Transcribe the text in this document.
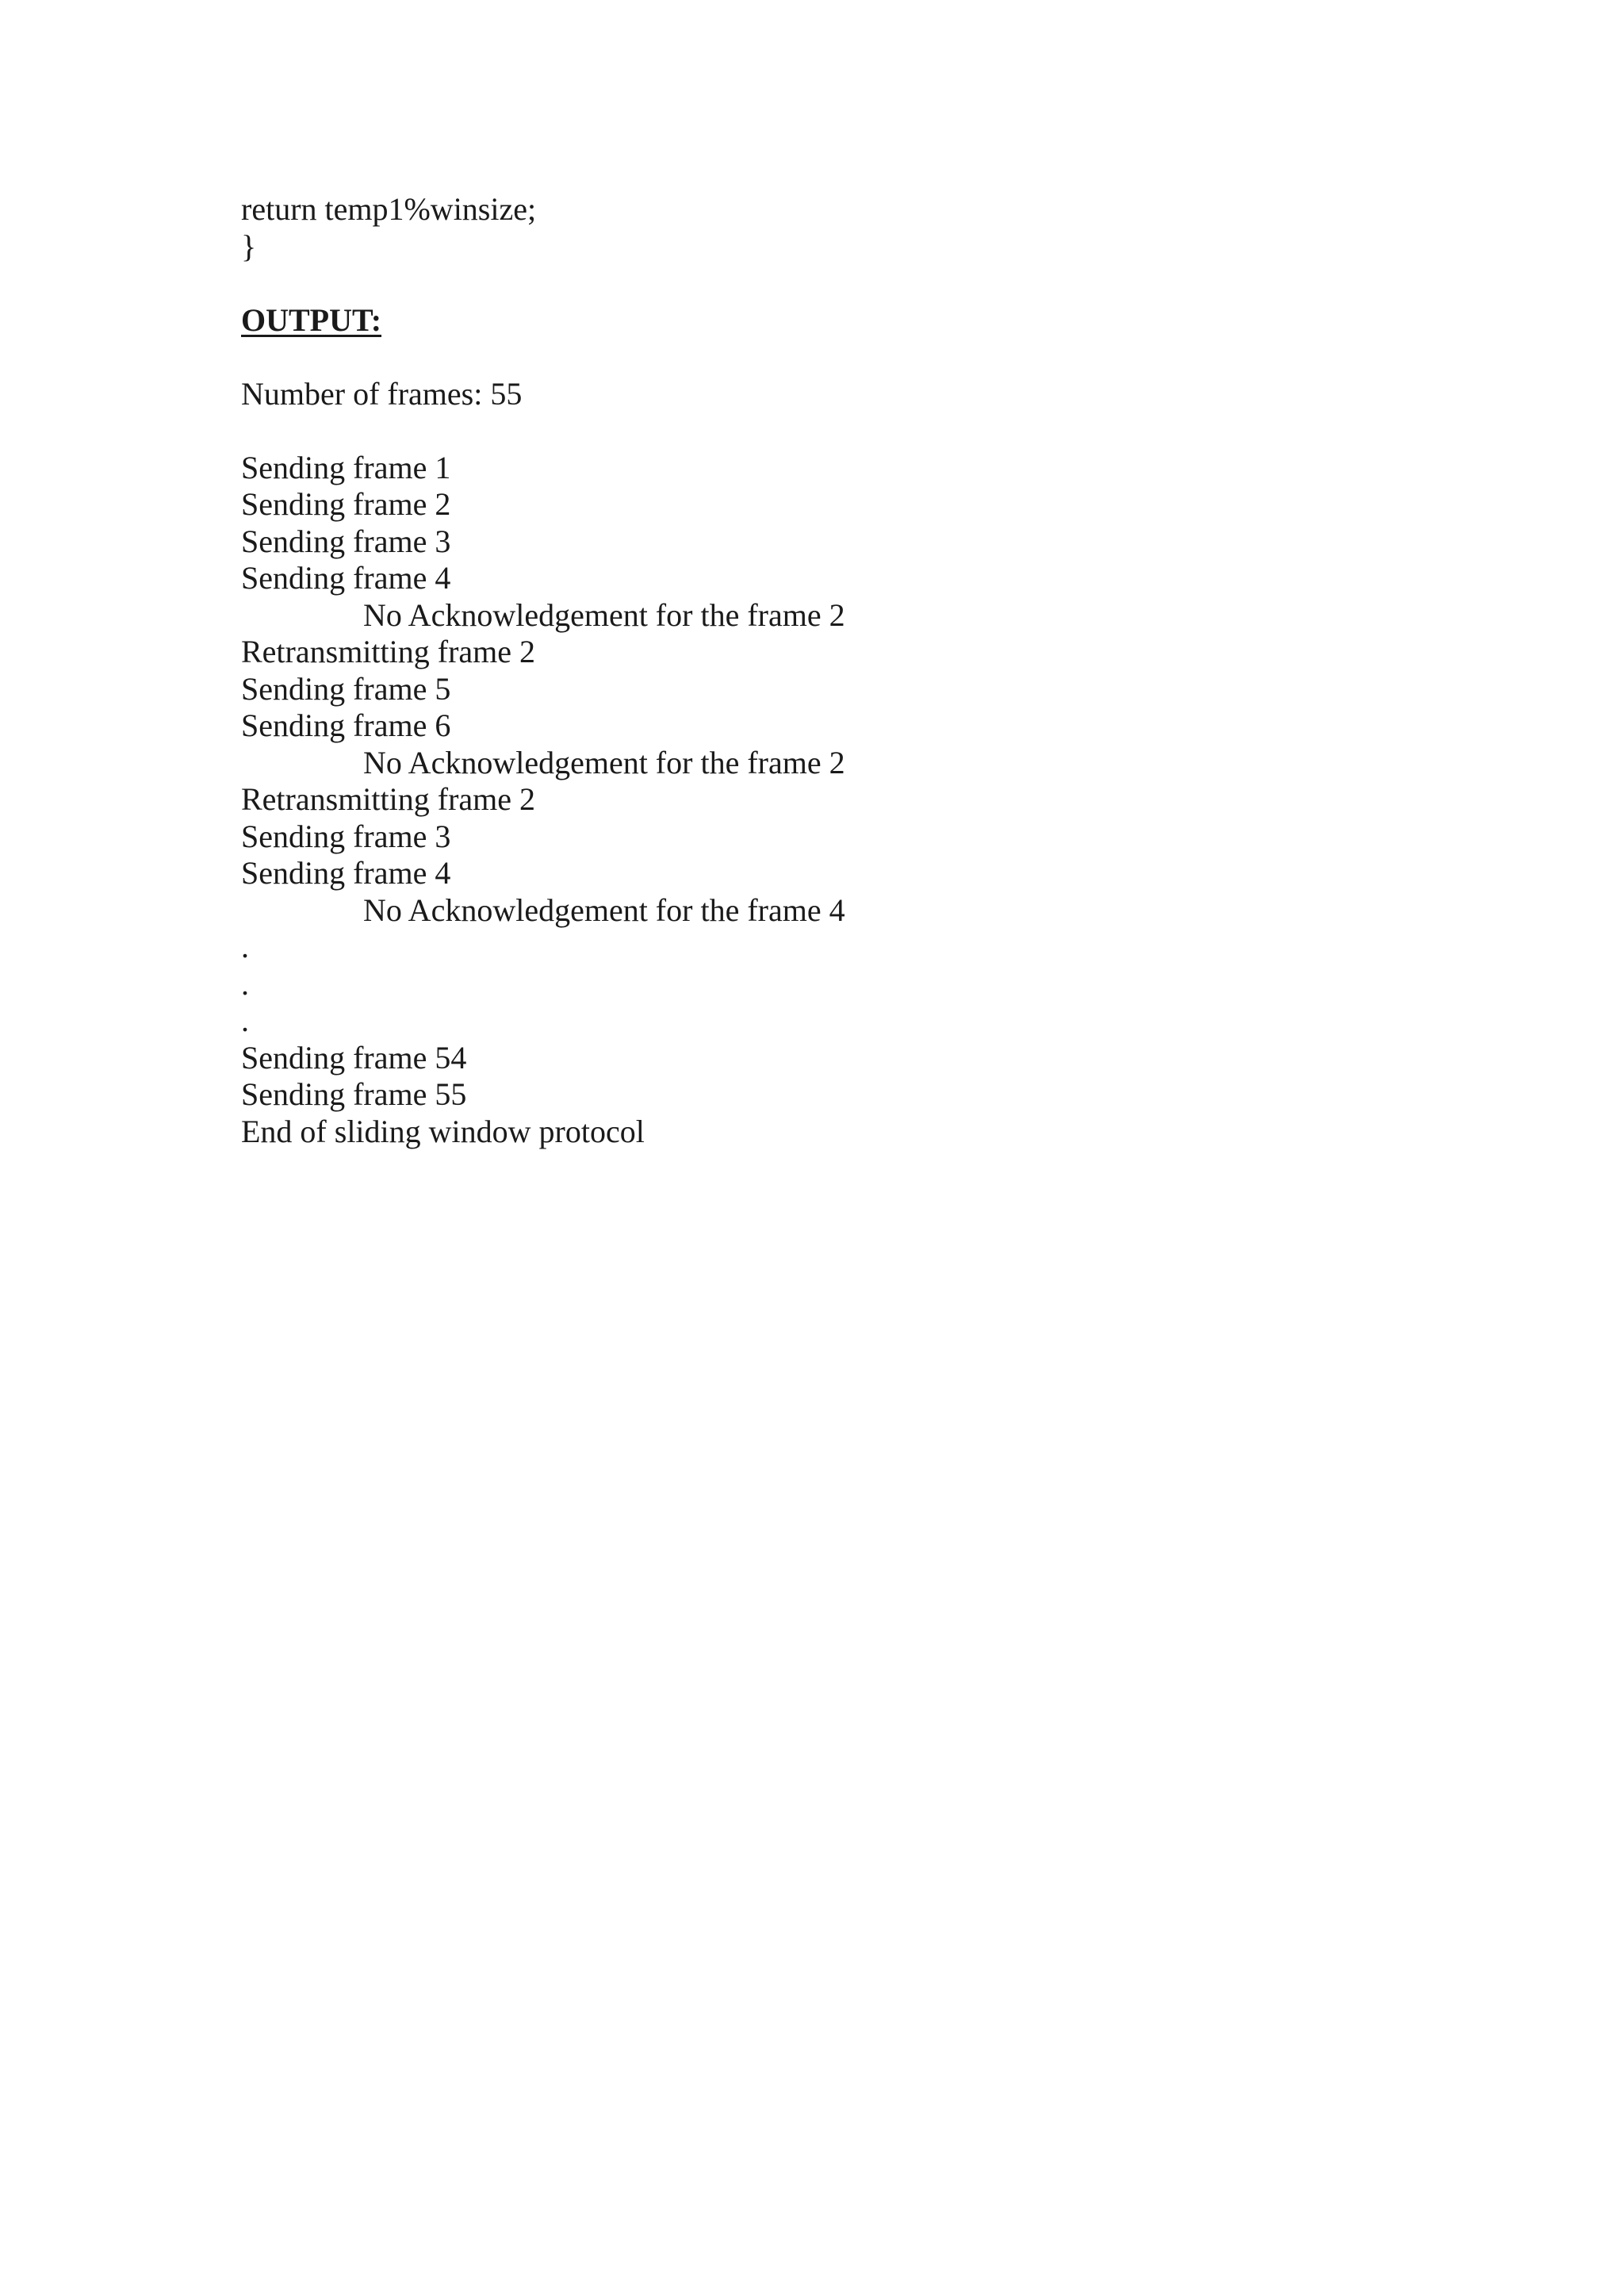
return temp1%winsize;
}
OUTPUT:
Number of frames: 55
Sending frame 1
Sending frame 2
Sending frame 3
Sending frame 4
No Acknowledgement for the frame 2
Retransmitting frame 2
Sending frame 5
Sending frame 6
No Acknowledgement for the frame 2
Retransmitting frame 2
Sending frame 3
Sending frame 4
No Acknowledgement for the frame 4
.
.
.
Sending frame 54
Sending frame 55
End of sliding window protocol
